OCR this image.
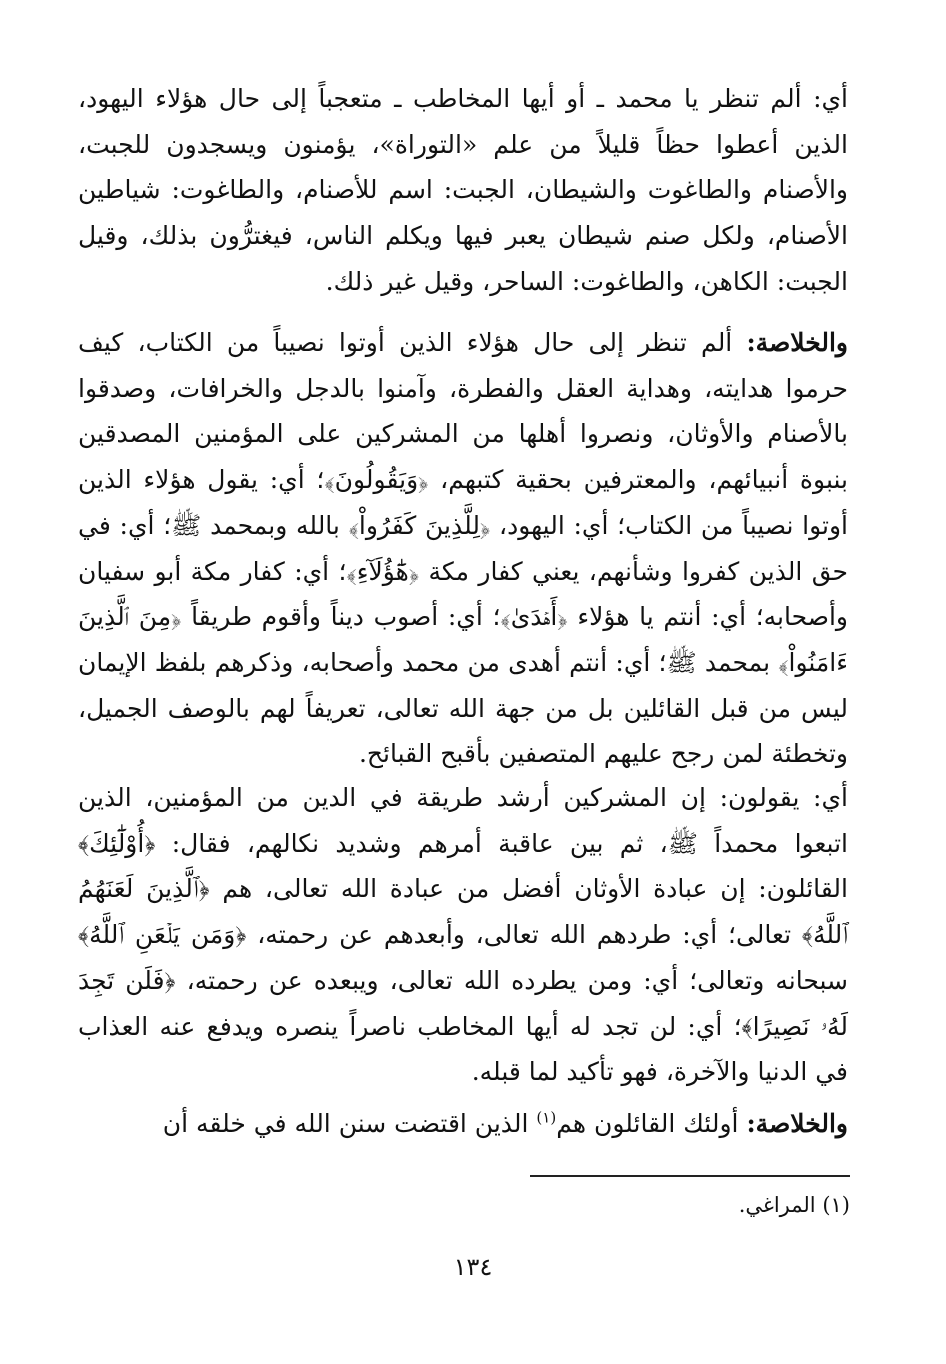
أي: ألم تنظر يا محمد ـ أو أيها المخاطب ـ متعجباً إلى حال هؤلاء اليهود، الذين أعطوا حظاً قليلاً من علم «التوراة»، يؤمنون ويسجدون للجبت، والأصنام والطاغوت والشيطان، الجبت: اسم للأصنام، والطاغوت: شياطين الأصنام، ولكل صنم شيطان يعبر فيها ويكلم الناس، فيغترُّون بذلك، وقيل الجبت: الكاهن، والطاغوت: الساحر، وقيل غير ذلك.

والخلاصة: ألم تنظر إلى حال هؤلاء الذين أوتوا نصيباً من الكتاب، كيف حرموا هدايته، وهداية العقل والفطرة، وآمنوا بالدجل والخرافات، وصدقوا بالأصنام والأوثان، ونصروا أهلها من المشركين على المؤمنين المصدقين بنبوة أنبيائهم، والمعترفين بحقية كتبهم، ﴿وَيَقُولُونَ﴾؛ أي: يقول هؤلاء الذين أوتوا نصيباً من الكتاب؛ أي: اليهود، ﴿لِلَّذِينَ كَفَرُواْ﴾ بالله وبمحمد ﷺ؛ أي: في حق الذين كفروا وشأنهم، يعني كفار مكة ﴿هَٰٓؤُلَآءِ﴾؛ أي: كفار مكة أبو سفيان وأصحابه؛ أي: أنتم يا هؤلاء ﴿أَهۡدَىٰ﴾؛ أي: أصوب ديناً وأقوم طريقاً ﴿مِنَ ٱلَّذِينَ ءَامَنُواْ﴾ بمحمد ﷺ؛ أي: أنتم أهدى من محمد وأصحابه، وذكرهم بلفظ الإيمان ليس من قبل القائلين بل من جهة الله تعالى، تعريفاً لهم بالوصف الجميل، وتخطئة لمن رجح عليهم المتصفين بأقبح القبائح.

أي: يقولون: إن المشركين أرشد طريقة في الدين من المؤمنين، الذين اتبعوا محمداً ﷺ، ثم بين عاقبة أمرهم وشديد نكالهم، فقال: ﴿أُوْلَٰٓئِكَ﴾ القائلون: إن عبادة الأوثان أفضل من عبادة الله تعالى، هم ﴿ٱلَّذِينَ لَعَنَهُمُ ٱللَّهُ﴾ تعالى؛ أي: طردهم الله تعالى، وأبعدهم عن رحمته، ﴿وَمَن يَلۡعَنِ ٱللَّهُ﴾ سبحانه وتعالى؛ أي: ومن يطرده الله تعالى، ويبعده عن رحمته، ﴿فَلَن تَجِدَ لَهُۥ نَصِيرًا﴾؛ أي: لن تجد له أيها المخاطب ناصراً ينصره ويدفع عنه العذاب في الدنيا والآخرة، فهو تأكيد لما قبله.

والخلاصة: أولئك القائلون هم$^{(١)}$ الذين اقتضت سنن الله في خلقه أن

(١) المراغي.

١٣٤
